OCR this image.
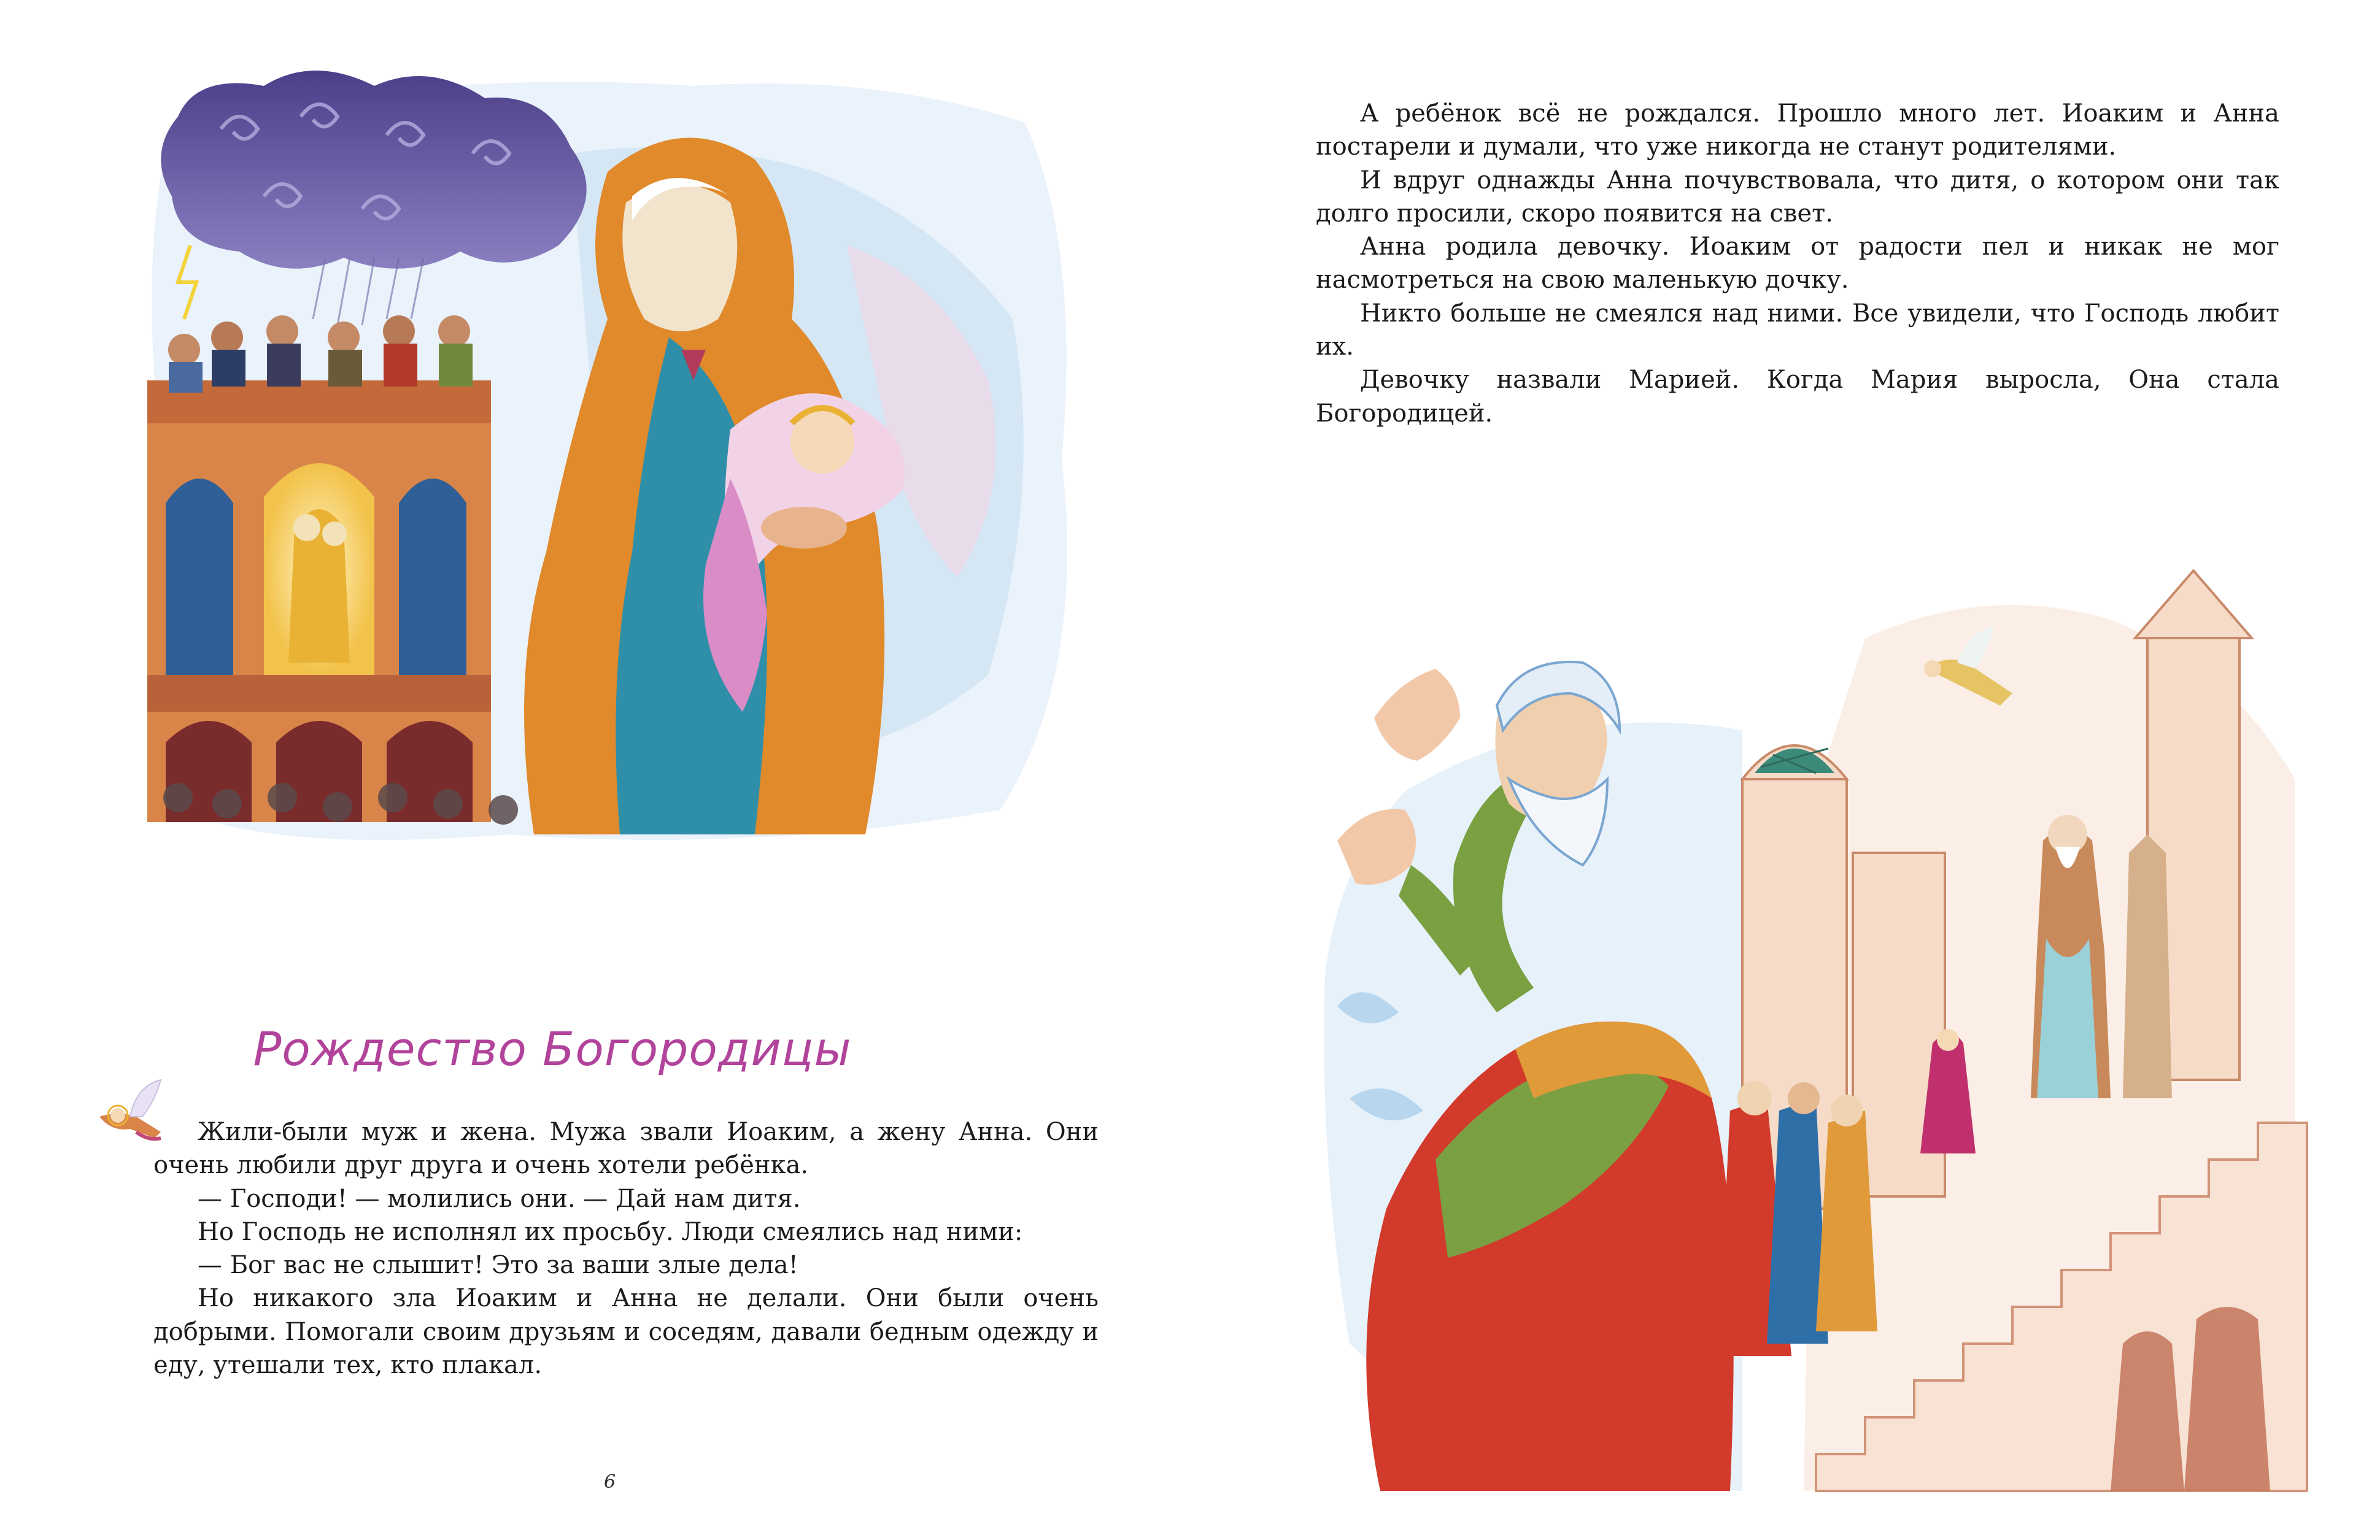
Рождество Богородицы

Жили-были муж и жена. Мужа звали Иоаким, а жену Анна. Они очень любили друг друга и очень хотели ребёнка.

— Господи! — молились они. — Дай нам дитя.

Но Господь не исполнял их просьбу. Люди смеялись над ними:

— Бог вас не слышит! Это за ваши злые дела!

Но никакого зла Иоаким и Анна не делали. Они были очень добрыми. Помогали своим друзьям и соседям, давали бедным одежду и еду, утешали тех, кто плакал.

6

А ребёнок всё не рождался. Прошло много лет. Иоаким и Анна постарели и думали, что уже никогда не станут родителями.

И вдруг однажды Анна почувствовала, что дитя, о котором они так долго просили, скоро появится на свет.

Анна родила девочку. Иоаким от радости пел и никак не мог насмотреться на свою маленькую дочку.

Никто больше не смеялся над ними. Все увидели, что Господь любит их.

Девочку назвали Марией. Когда Мария выросла, Она стала Богородицей.
